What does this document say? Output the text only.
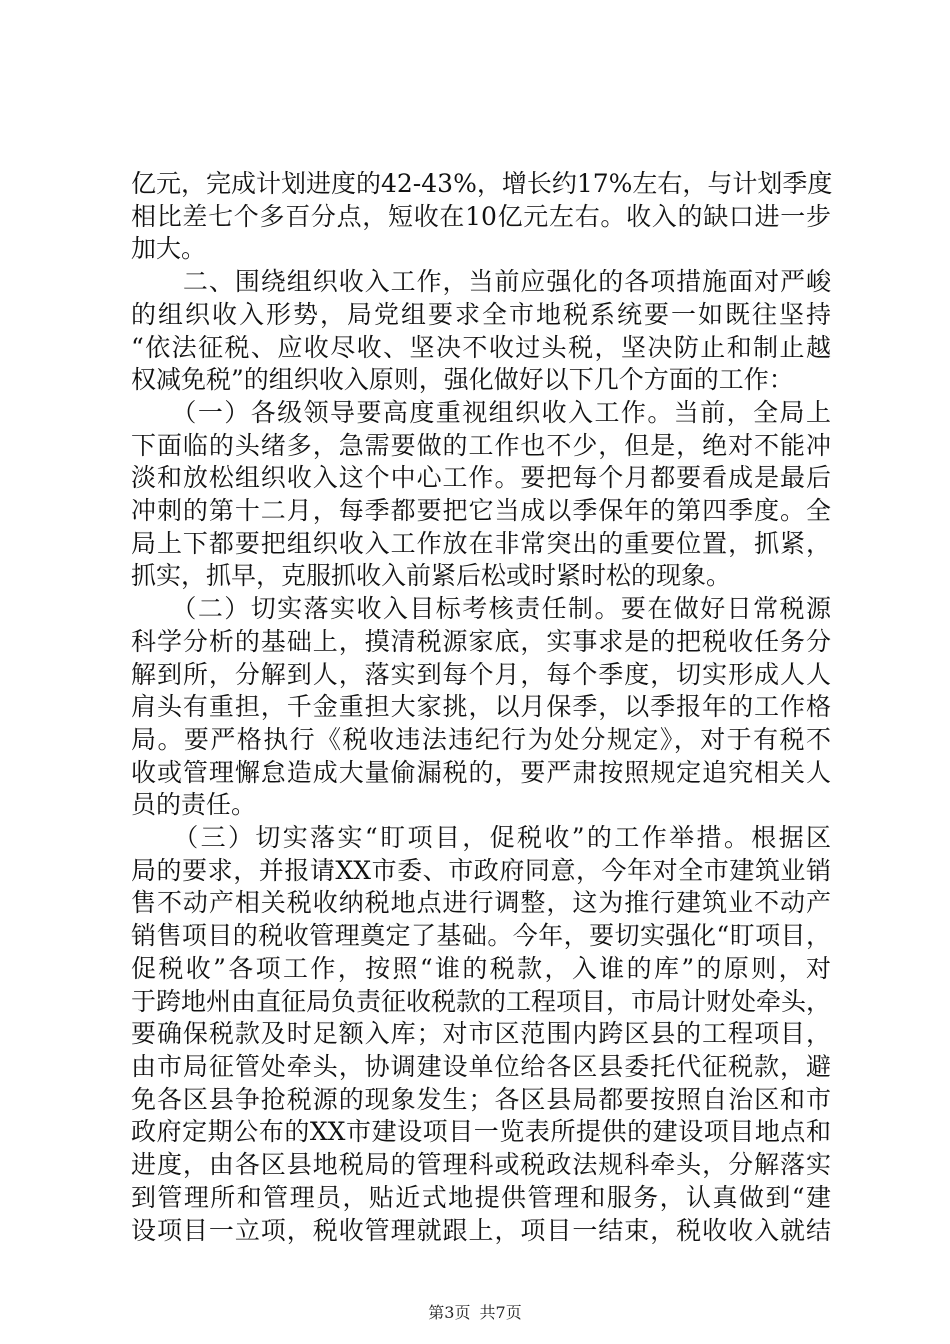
亿元，完成计划进度的42-43%，增长约17%左右，与计划季度
相比差七个多百分点，短收在10亿元左右。收入的缺口进一步
加大。
　　二、围绕组织收入工作，当前应强化的各项措施面对严峻
的组织收入形势，局党组要求全市地税系统要一如既往坚持
“依法征税、应收尽收、坚决不收过头税，坚决防止和制止越
权减免税”的组织收入原则，强化做好以下几个方面的工作：
　　（一）各级领导要高度重视组织收入工作。当前，全局上
下面临的头绪多，急需要做的工作也不少，但是，绝对不能冲
淡和放松组织收入这个中心工作。要把每个月都要看成是最后
冲刺的第十二月，每季都要把它当成以季保年的第四季度。全
局上下都要把组织收入工作放在非常突出的重要位置，抓紧，
抓实，抓早，克服抓收入前紧后松或时紧时松的现象。
　　（二）切实落实收入目标考核责任制。要在做好日常税源
科学分析的基础上，摸清税源家底，实事求是的把税收任务分
解到所，分解到人，落实到每个月，每个季度，切实形成人人
肩头有重担，千金重担大家挑，以月保季，以季报年的工作格
局。要严格执行《税收违法违纪行为处分规定》，对于有税不
收或管理懈怠造成大量偷漏税的，要严肃按照规定追究相关人
员的责任。
　　（三）切实落实“盯项目，促税收”的工作举措。根据区
局的要求，并报请XX市委、市政府同意，今年对全市建筑业销
售不动产相关税收纳税地点进行调整，这为推行建筑业不动产
销售项目的税收管理奠定了基础。今年，要切实强化“盯项目，
促税收”各项工作，按照“谁的税款，入谁的库”的原则，对
于跨地州由直征局负责征收税款的工程项目，市局计财处牵头，
要确保税款及时足额入库；对市区范围内跨区县的工程项目，
由市局征管处牵头，协调建设单位给各区县委托代征税款，避
免各区县争抢税源的现象发生；各区县局都要按照自治区和市
政府定期公布的XX市建设项目一览表所提供的建设项目地点和
进度，由各区县地税局的管理科或税政法规科牵头，分解落实
到管理所和管理员，贴近式地提供管理和服务，认真做到“建
设项目一立项，税收管理就跟上，项目一结束，税收收入就结
第3页 共7页
